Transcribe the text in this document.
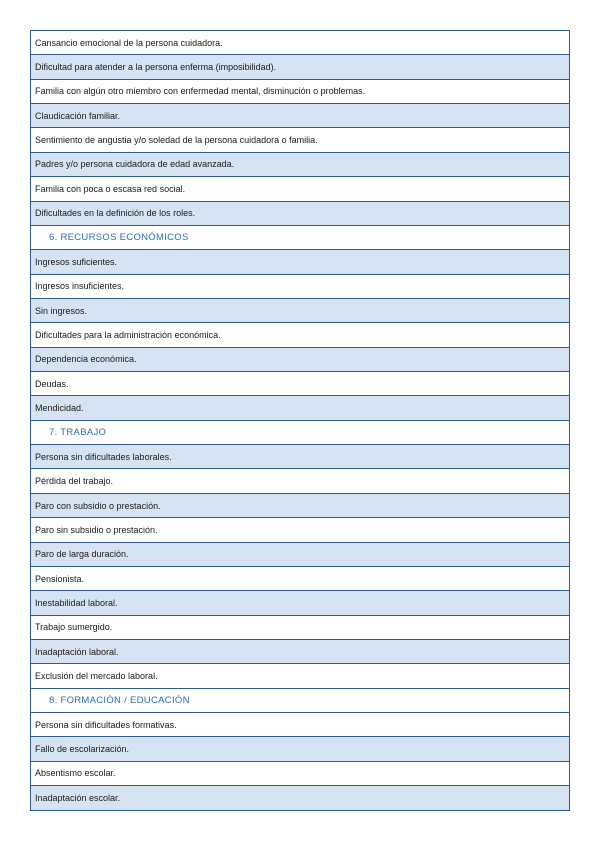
Cansancio emocional de la persona cuidadora.
Dificultad para atender a la persona enferma (imposibilidad).
Familia con algún otro miembro con enfermedad mental, disminución o problemas.
Claudicación familiar.
Sentimiento de angustia y/o soledad de la persona cuidadora o familia.
Padres y/o persona cuidadora de edad avanzada.
Familia con poca o escasa red social.
Dificultades en la definición de los roles.
6. RECURSOS ECONÓMICOS
Ingresos suficientes.
Ingresos insuficientes.
Sin ingresos.
Dificultades para la administración económica.
Dependencia económica.
Deudas.
Mendicidad.
7. TRABAJO
Persona sin dificultades laborales.
Pérdida del trabajo.
Paro con subsidio o prestación.
Paro sin subsidio o prestación.
Paro de larga duración.
Pensionista.
Inestabilidad laboral.
Trabajo sumergido.
Inadaptación laboral.
Exclusión del mercado laboral.
8. FORMACIÓN / EDUCACIÓN
Persona sin dificultades formativas.
Fallo de escolarización.
Absentismo escolar.
Inadaptación escolar.
